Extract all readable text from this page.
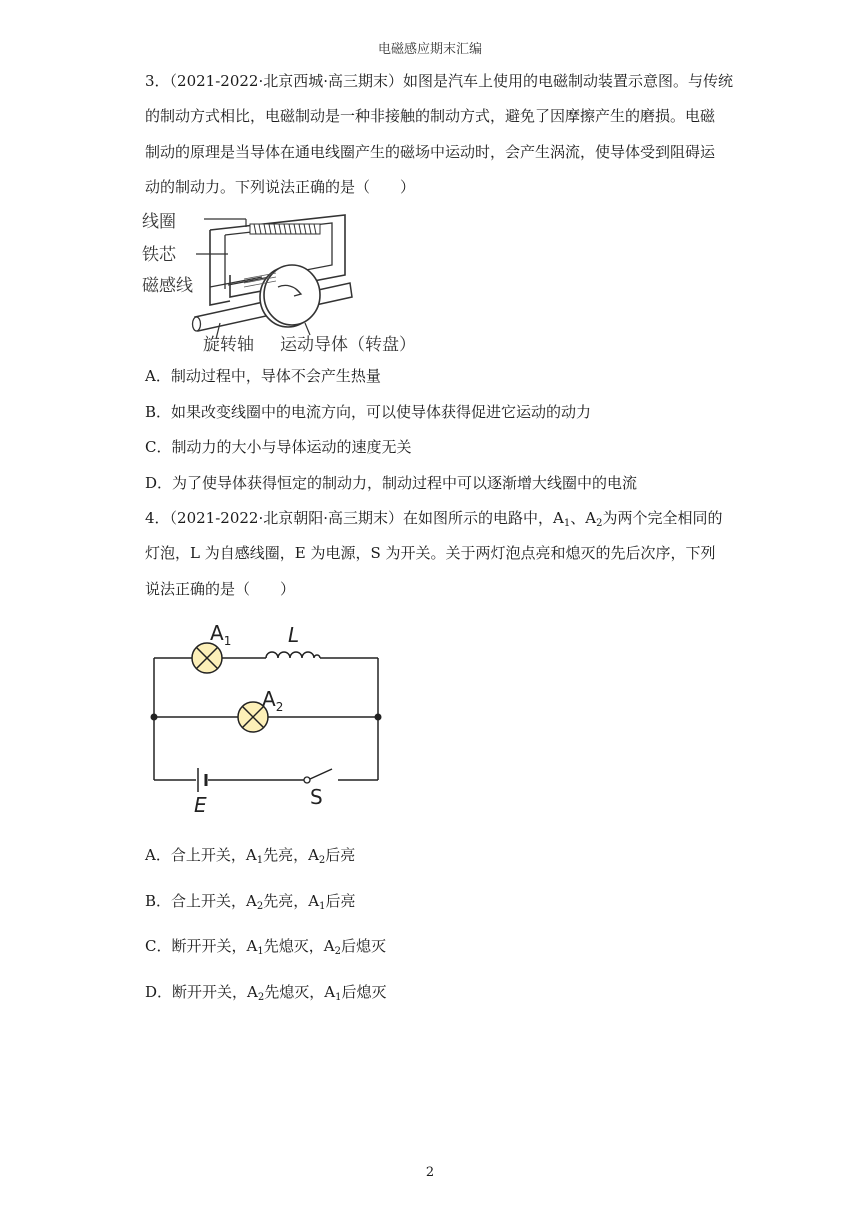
电磁感应期末汇编
3．（2021-2022·北京西城·高三期末）如图是汽车上使用的电磁制动装置示意图。与传统
的制动方式相比，电磁制动是一种非接触的制动方式，避免了因摩擦产生的磨损。电磁
制动的原理是当导体在通电线圈产生的磁场中运动时，会产生涡流，使导体受到阻碍运
动的制动力。下列说法正确的是（　　）
线圈
铁芯
磁感线
旋转轴 运动导体（转盘）
A．制动过程中，导体不会产生热量
B．如果改变线圈中的电流方向，可以使导体获得促进它运动的动力
C．制动力的大小与导体运动的速度无关
D．为了使导体获得恒定的制动力，制动过程中可以逐渐增大线圈中的电流
4．（2021-2022·北京朝阳·高三期末）在如图所示的电路中，$A_1$、$A_2$为两个完全相同的
灯泡，L 为自感线圈，E 为电源，S 为开关。关于两灯泡点亮和熄灭的先后次序，下列
说法正确的是（　　）
$A_1$
$A_2$
L
E	S
A．合上开关，$A_1$先亮，$A_2$后亮
B．合上开关，$A_2$先亮，$A_1$后亮
C．断开开关，$A_1$先熄灭，$A_2$后熄灭
D．断开开关，$A_2$先熄灭，$A_1$后熄灭
2
